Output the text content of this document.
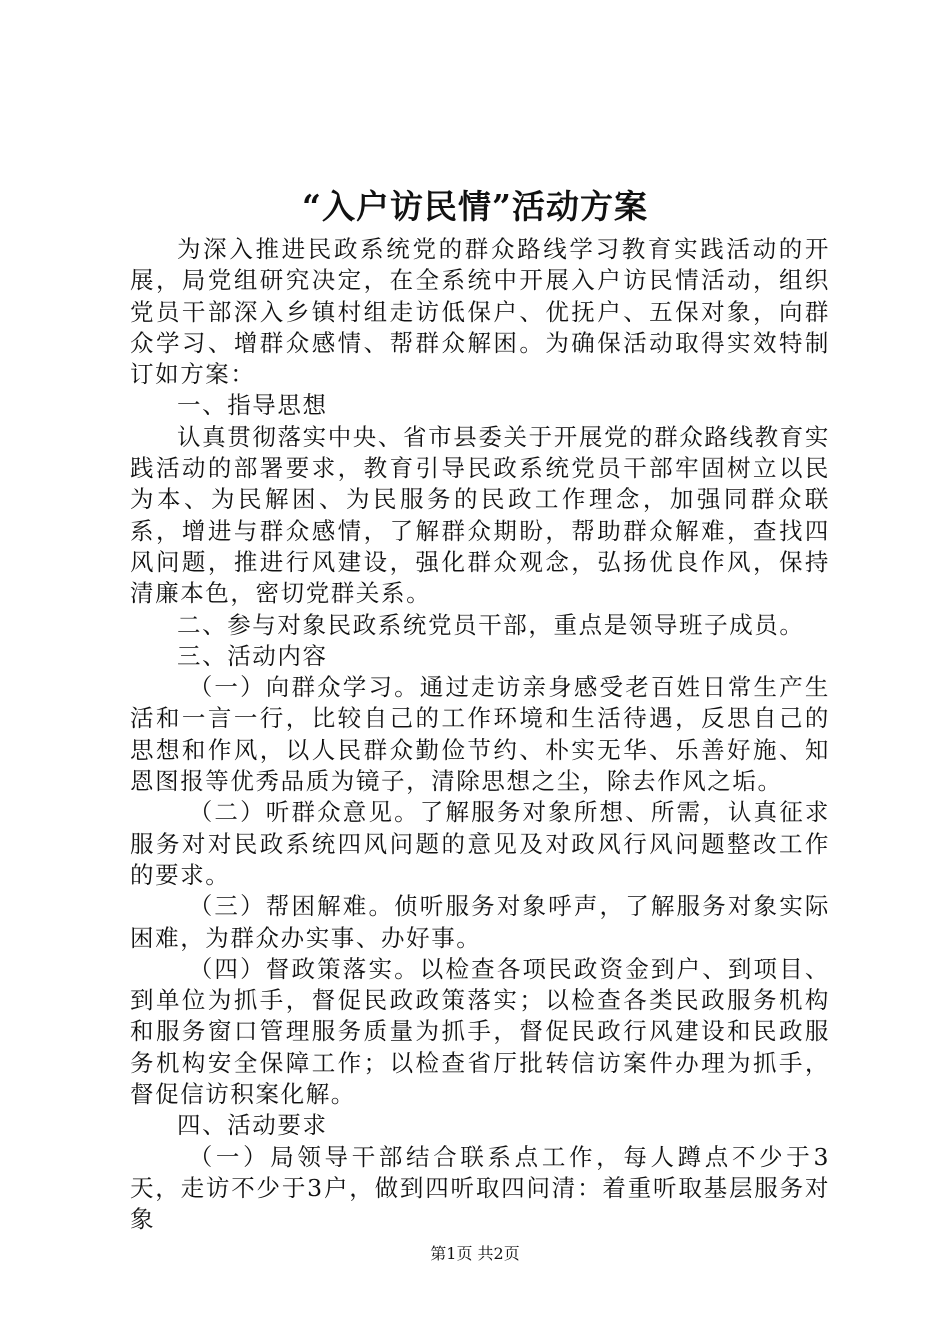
“入户访民情”活动方案

为深入推进民政系统党的群众路线学习教育实践活动的开展，局党组研究决定，在全系统中开展入户访民情活动，组织党员干部深入乡镇村组走访低保户、优抚户、五保对象，向群众学习、增群众感情、帮群众解困。为确保活动取得实效特制订如方案：

一、指导思想

认真贯彻落实中央、省市县委关于开展党的群众路线教育实践活动的部署要求，教育引导民政系统党员干部牢固树立以民为本、为民解困、为民服务的民政工作理念，加强同群众联系，增进与群众感情，了解群众期盼，帮助群众解难，查找四风问题，推进行风建设，强化群众观念，弘扬优良作风，保持清廉本色，密切党群关系。

二、参与对象民政系统党员干部，重点是领导班子成员。

三、活动内容

（一）向群众学习。通过走访亲身感受老百姓日常生产生活和一言一行，比较自己的工作环境和生活待遇，反思自己的思想和作风，以人民群众勤俭节约、朴实无华、乐善好施、知恩图报等优秀品质为镜子，清除思想之尘，除去作风之垢。

（二）听群众意见。了解服务对象所想、所需，认真征求服务对对民政系统四风问题的意见及对政风行风问题整改工作的要求。

（三）帮困解难。侦听服务对象呼声，了解服务对象实际困难，为群众办实事、办好事。

（四）督政策落实。以检查各项民政资金到户、到项目、到单位为抓手，督促民政政策落实；以检查各类民政服务机构和服务窗口管理服务质量为抓手，督促民政行风建设和民政服务机构安全保障工作；以检查省厅批转信访案件办理为抓手，督促信访积案化解。

四、活动要求

（一）局领导干部结合联系点工作，每人蹲点不少于3天，走访不少于3户，做到四听取四问清：着重听取基层服务对象

第1页 共2页
